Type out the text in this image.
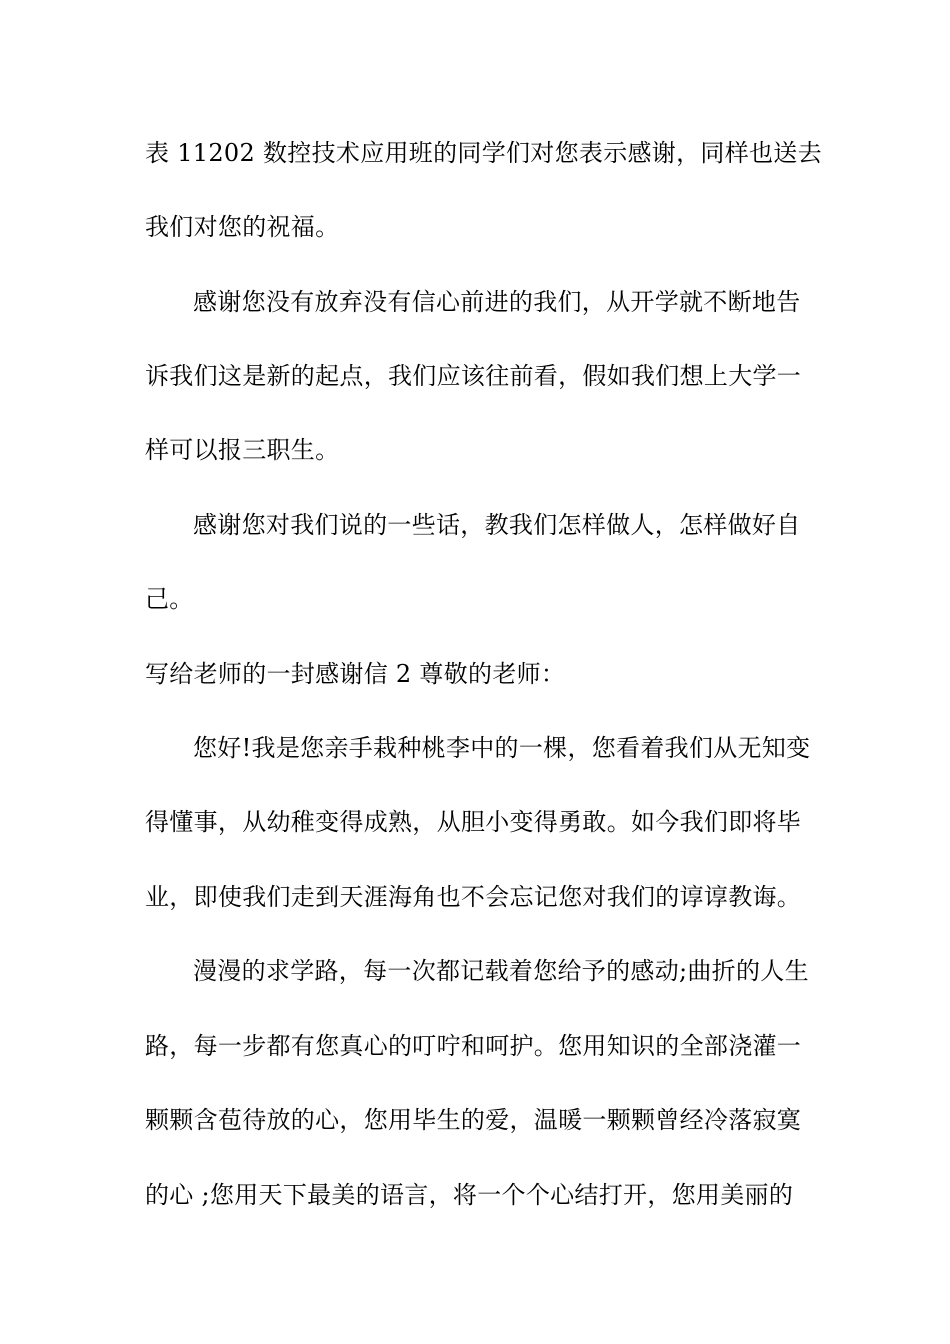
表 11202 数控技术应用班的同学们对您表示感谢，同样也送去
我们对您的祝福。
感谢您没有放弃没有信心前进的我们，从开学就不断地告
诉我们这是新的起点，我们应该往前看，假如我们想上大学一
样可以报三职生。
感谢您对我们说的一些话，教我们怎样做人，怎样做好自
己。
写给老师的一封感谢信 2 尊敬的老师：
您好!我是您亲手栽种桃李中的一棵，您看着我们从无知变
得懂事，从幼稚变得成熟，从胆小变得勇敢。如今我们即将毕
业，即使我们走到天涯海角也不会忘记您对我们的谆谆教诲。
漫漫的求学路，每一次都记载着您给予的感动;曲折的人生
路，每一步都有您真心的叮咛和呵护。您用知识的全部浇灌一
颗颗含苞待放的心，您用毕生的爱，温暖一颗颗曾经冷落寂寞
的心 ;您用天下最美的语言，将一个个心结打开，您用美丽的
